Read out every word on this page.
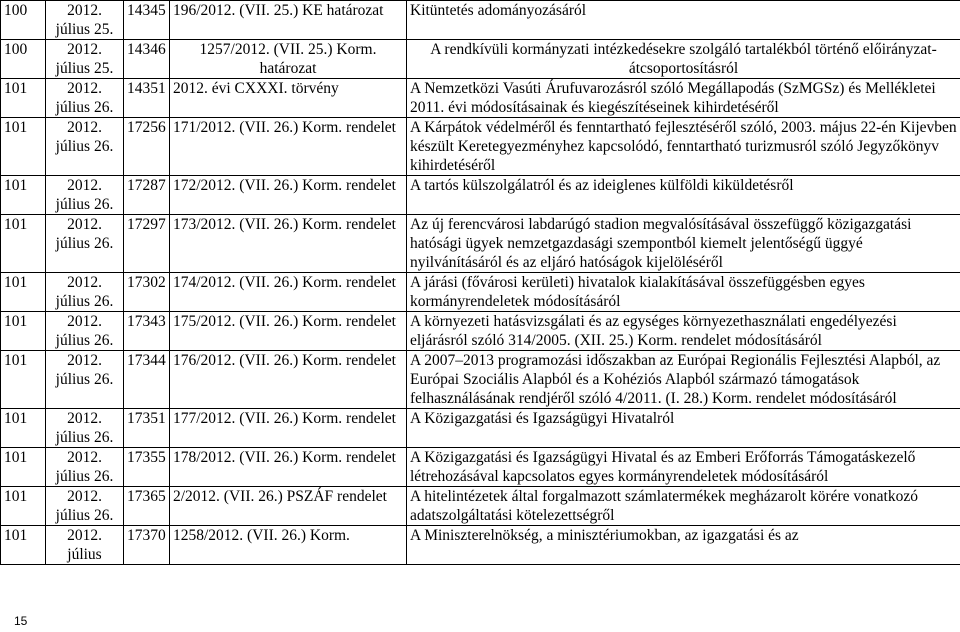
100	2012. július 25.	14345	196/2012. (VII. 25.) KE határozat	Kitüntetés adományozásáról
100	2012. július 25.	14346	1257/2012. (VII. 25.) Korm. határozat	A rendkívüli kormányzati intézkedésekre szolgáló tartalékból történő előirányzat-átcsoportosításról
101	2012. július 26.	14351	2012. évi CXXXI. törvény	A Nemzetközi Vasúti Árufuvarozásról szóló Megállapodás (SzMGSz) és Mellékletei 2011. évi módosításainak és kiegészítéseinek kihirdetéséről
101	2012. július 26.	17256	171/2012. (VII. 26.) Korm. rendelet	A Kárpátok védelméről és fenntartható fejlesztéséről szóló, 2003. május 22-én Kijevben készült Keretegyezményhez kapcsolódó, fenntartható turizmusról szóló Jegyzőkönyv kihirdetéséről
101	2012. július 26.	17287	172/2012. (VII. 26.) Korm. rendelet	A tartós külszolgálatról és az ideiglenes külföldi kiküldetésről
101	2012. július 26.	17297	173/2012. (VII. 26.) Korm. rendelet	Az új ferencvárosi labdarúgó stadion megvalósításával összefüggő közigazgatási hatósági ügyek nemzetgazdasági szempontból kiemelt jelentőségű üggyé nyilvánításáról és az eljáró hatóságok kijelöléséről
101	2012. július 26.	17302	174/2012. (VII. 26.) Korm. rendelet	A járási (fővárosi kerületi) hivatalok kialakításával összefüggésben egyes kormányrendeletek módosításáról
101	2012. július 26.	17343	175/2012. (VII. 26.) Korm. rendelet	A környezeti hatásvizsgálati és az egységes környezethasználati engedélyezési eljárásról szóló 314/2005. (XII. 25.) Korm. rendelet módosításáról
101	2012. július 26.	17344	176/2012. (VII. 26.) Korm. rendelet	A 2007–2013 programozási időszakban az Európai Regionális Fejlesztési Alapból, az Európai Szociális Alapból és a Kohéziós Alapból származó támogatások felhasználásának rendjéről szóló 4/2011. (I. 28.) Korm. rendelet módosításáról
101	2012. július 26.	17351	177/2012. (VII. 26.) Korm. rendelet	A Közigazgatási és Igazságügyi Hivatalról
101	2012. július 26.	17355	178/2012. (VII. 26.) Korm. rendelet	A Közigazgatási és Igazságügyi Hivatal és az Emberi Erőforrás Támogatáskezelő létrehozásával kapcsolatos egyes kormányrendeletek módosításáról
101	2012. július 26.	17365	2/2012. (VII. 26.) PSZÁF rendelet	A hitelintézetek által forgalmazott számlatermékek megházarolt körére vonatkozó adatszolgáltatási kötelezettségről
101	2012. július	17370	1258/2012. (VII. 26.) Korm.	A Miniszterelnökség, a minisztériumokban, az igazgatási és az
15
